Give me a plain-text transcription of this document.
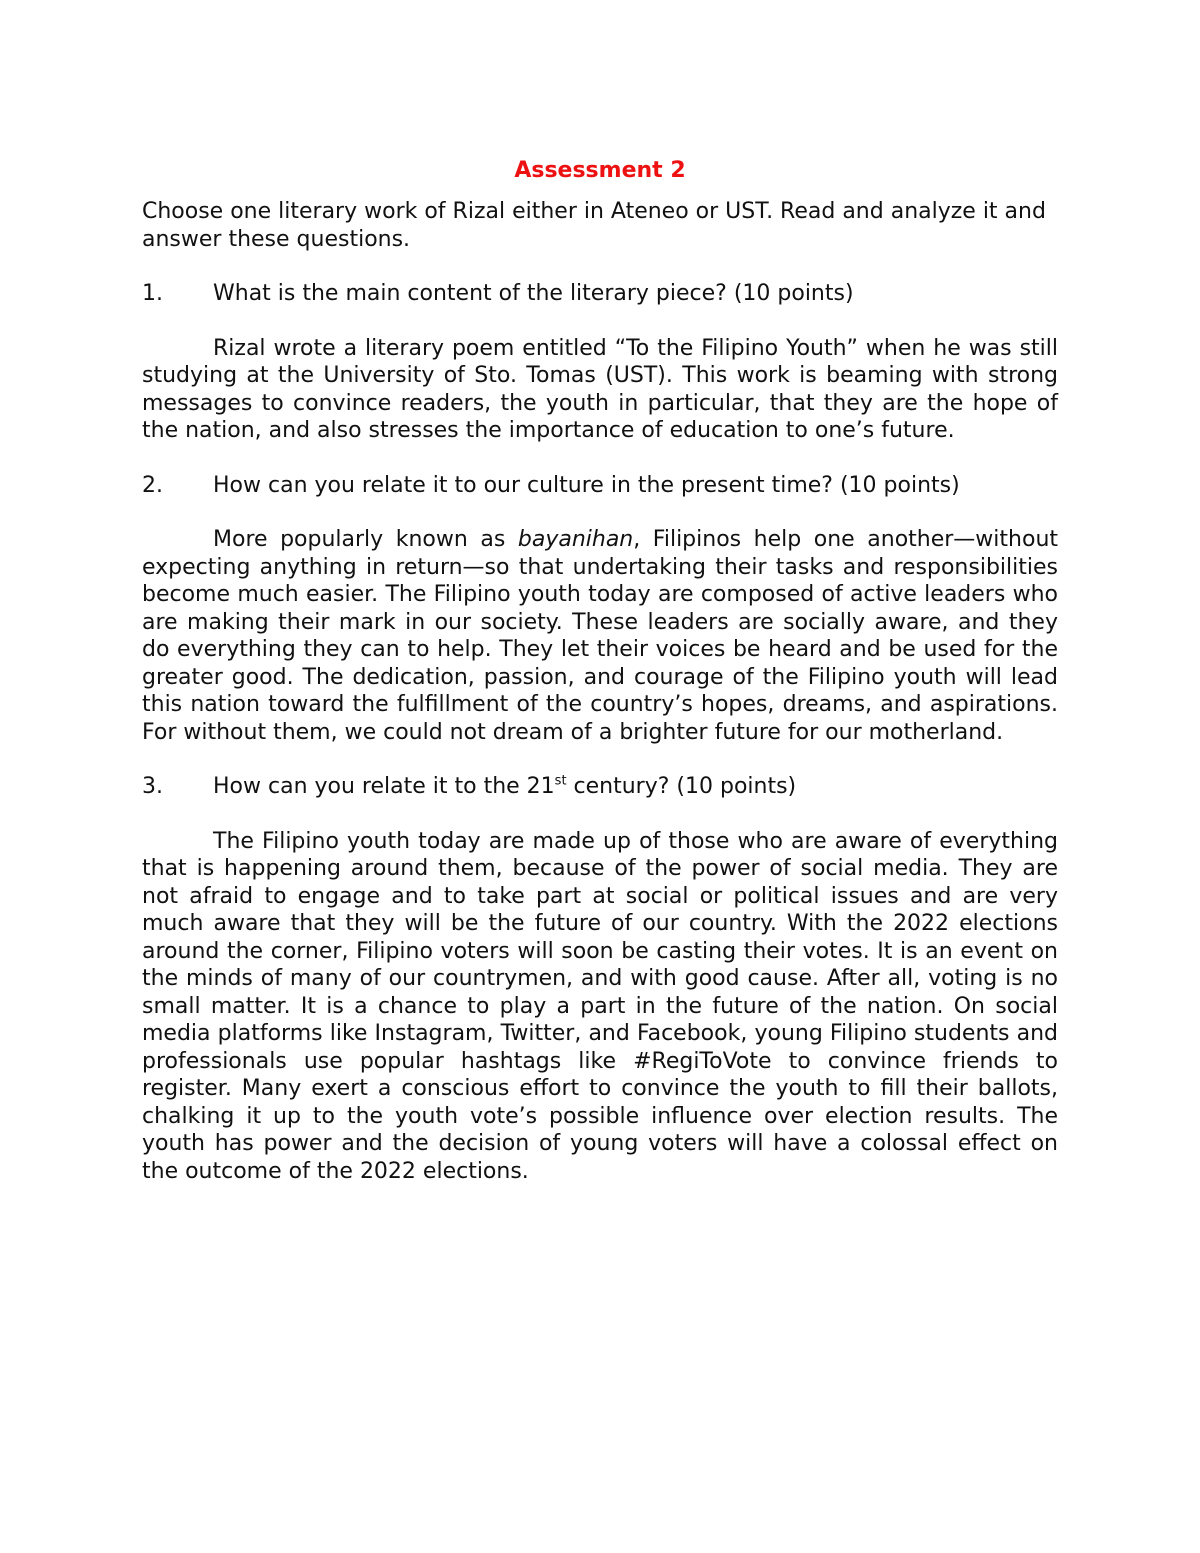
Assessment 2

Choose one literary work of Rizal either in Ateneo or UST. Read and analyze it and answer these questions.

1.	What is the main content of the literary piece? (10 points)

Rizal wrote a literary poem entitled “To the Filipino Youth” when he was still studying at the University of Sto. Tomas (UST). This work is beaming with strong messages to convince readers, the youth in particular, that they are the hope of the nation, and also stresses the importance of education to one’s future.

2.	How can you relate it to our culture in the present time? (10 points)

More popularly known as bayanihan, Filipinos help one another—without expecting anything in return—so that undertaking their tasks and responsibilities become much easier. The Filipino youth today are composed of active leaders who are making their mark in our society. These leaders are socially aware, and they do everything they can to help. They let their voices be heard and be used for the greater good. The dedication, passion, and courage of the Filipino youth will lead this nation toward the fulfillment of the country’s hopes, dreams, and aspirations. For without them, we could not dream of a brighter future for our motherland.

3.	How can you relate it to the 21st century? (10 points)

The Filipino youth today are made up of those who are aware of everything that is happening around them, because of the power of social media. They are not afraid to engage and to take part at social or political issues and are very much aware that they will be the future of our country. With the 2022 elections around the corner, Filipino voters will soon be casting their votes. It is an event on the minds of many of our countrymen, and with good cause. After all, voting is no small matter. It is a chance to play a part in the future of the nation. On social media platforms like Instagram, Twitter, and Facebook, young Filipino students and professionals use popular hashtags like #RegiToVote to convince friends to register. Many exert a conscious effort to convince the youth to fill their ballots, chalking it up to the youth vote’s possible influence over election results. The youth has power and the decision of young voters will have a colossal effect on the outcome of the 2022 elections.
